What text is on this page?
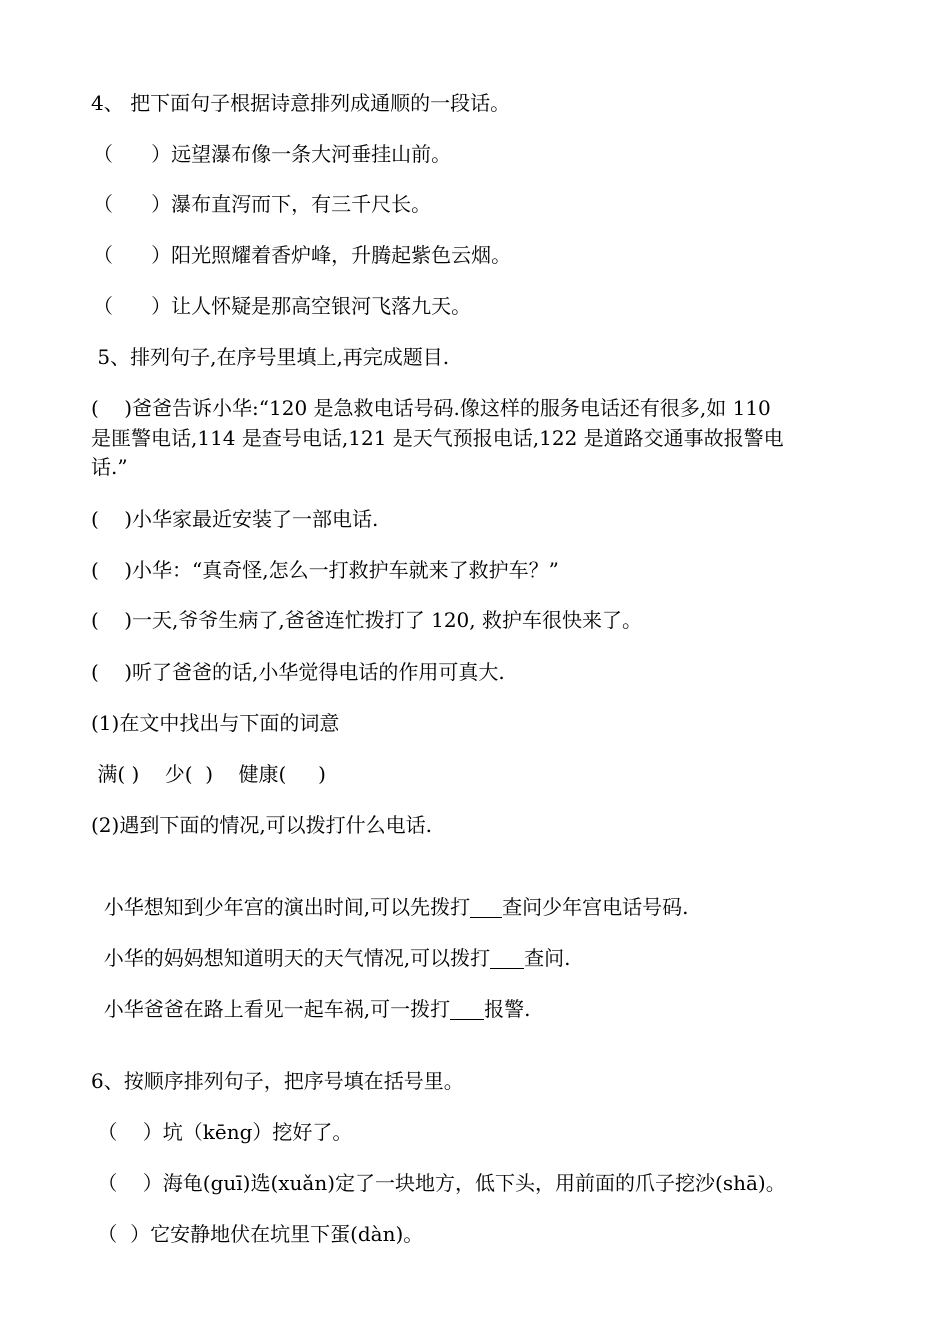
4、 把下面句子根据诗意排列成通顺的一段话。

（      ）远望瀑布像一条大河垂挂山前。

（      ）瀑布直泻而下，有三千尺长。

（      ）阳光照耀着香炉峰，升腾起紫色云烟。

（      ）让人怀疑是那高空银河飞落九天。

5、排列句子,在序号里填上,再完成题目.

(    )爸爸告诉小华:“120 是急救电话号码.像这样的服务电话还有很多,如 110

是匪警电话,114 是查号电话,121 是天气预报电话,122 是道路交通事故报警电

话.”

(    )小华家最近安装了一部电话.

(    )小华：“真奇怪,怎么一打救护车就来了救护车？”

(    )一天,爷爷生病了,爸爸连忙拨打了 120, 救护车很快来了。

(    )听了爸爸的话,小华觉得电话的作用可真大.

(1)在文中找出与下面的词意

满( )    少(  )    健康(     )

(2)遇到下面的情况,可以拨打什么电话.

小华想知到少年宫的演出时间,可以先拨打 查问少年宫电话号码.

小华的妈妈想知道明天的天气情况,可以拨打 查问.

小华爸爸在路上看见一起车祸,可一拨打 报警.

6、按顺序排列句子，把序号填在括号里。

（    ）坑（kēng）挖好了。

（    ）海龟(guī)选(xuǎn)定了一块地方，低下头，用前面的爪子挖沙(shā)。

（  ）它安静地伏在坑里下蛋(dàn)。
